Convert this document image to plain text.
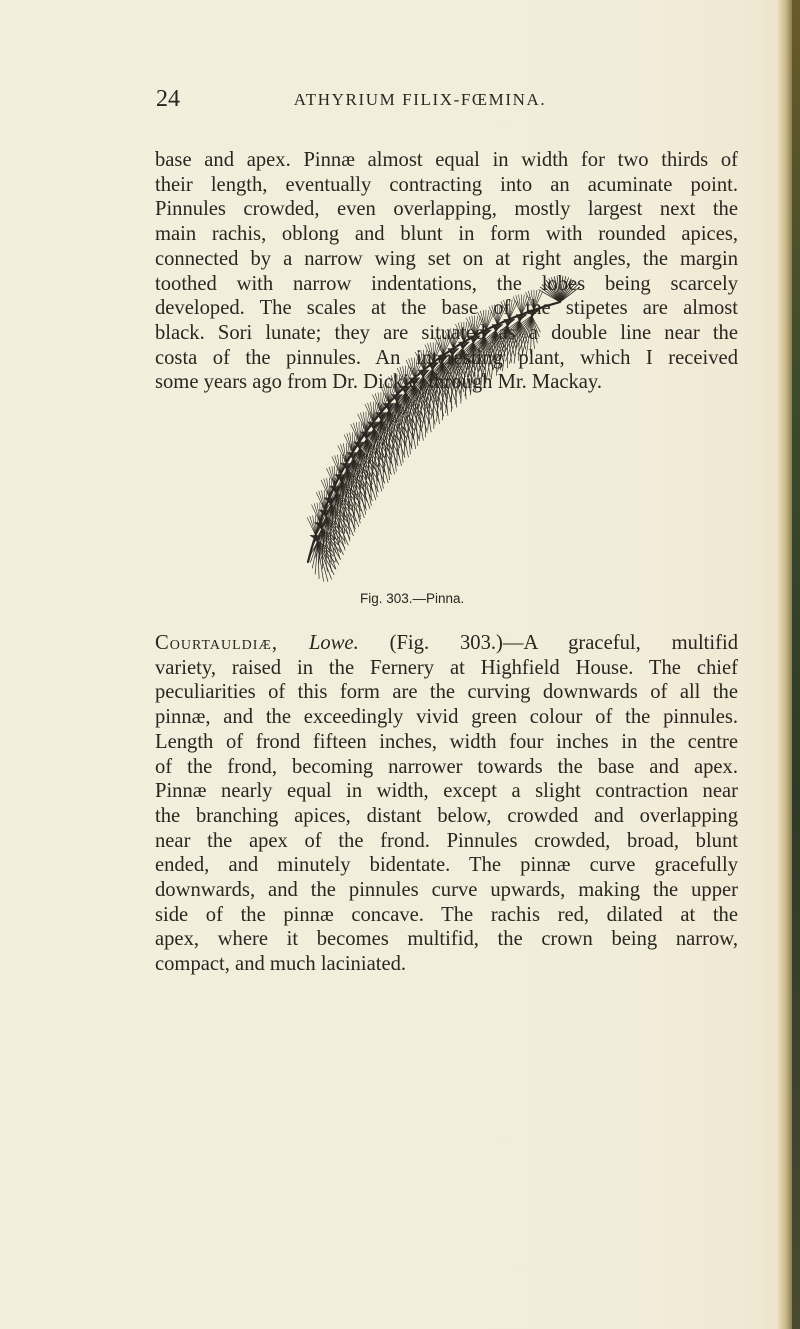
24	ATHYRIUM FILIX-FŒMINA.
base and apex. Pinnæ almost equal in width for two thirds of
their length, eventually contracting into an acuminate point.
Pinnules crowded, even overlapping, mostly largest next the
main rachis, oblong and blunt in form with rounded apices,
connected by a narrow wing set on at right angles, the margin
toothed with narrow indentations, the lobes being scarcely
developed. The scales at the base of the stipetes are almost
black. Sori lunate; they are situated as a double line near the
costa of the pinnules. An interesting plant, which I received
some years ago from Dr. Dickie, through Mr. Mackay.
Fig. 303.—Pinna.
Courtauldiæ, Lowe. (Fig. 303.)—A graceful, multifid
variety, raised in the Fernery at Highfield House. The chief
peculiarities of this form are the curving downwards of all the
pinnæ, and the exceedingly vivid green colour of the pinnules.
Length of frond fifteen inches, width four inches in the centre
of the frond, becoming narrower towards the base and apex.
Pinnæ nearly equal in width, except a slight contraction near
the branching apices, distant below, crowded and overlapping
near the apex of the frond. Pinnules crowded, broad, blunt
ended, and minutely bidentate. The pinnæ curve gracefully
downwards, and the pinnules curve upwards, making the upper
side of the pinnæ concave. The rachis red, dilated at the
apex, where it becomes multifid, the crown being narrow,
compact, and much laciniated.
